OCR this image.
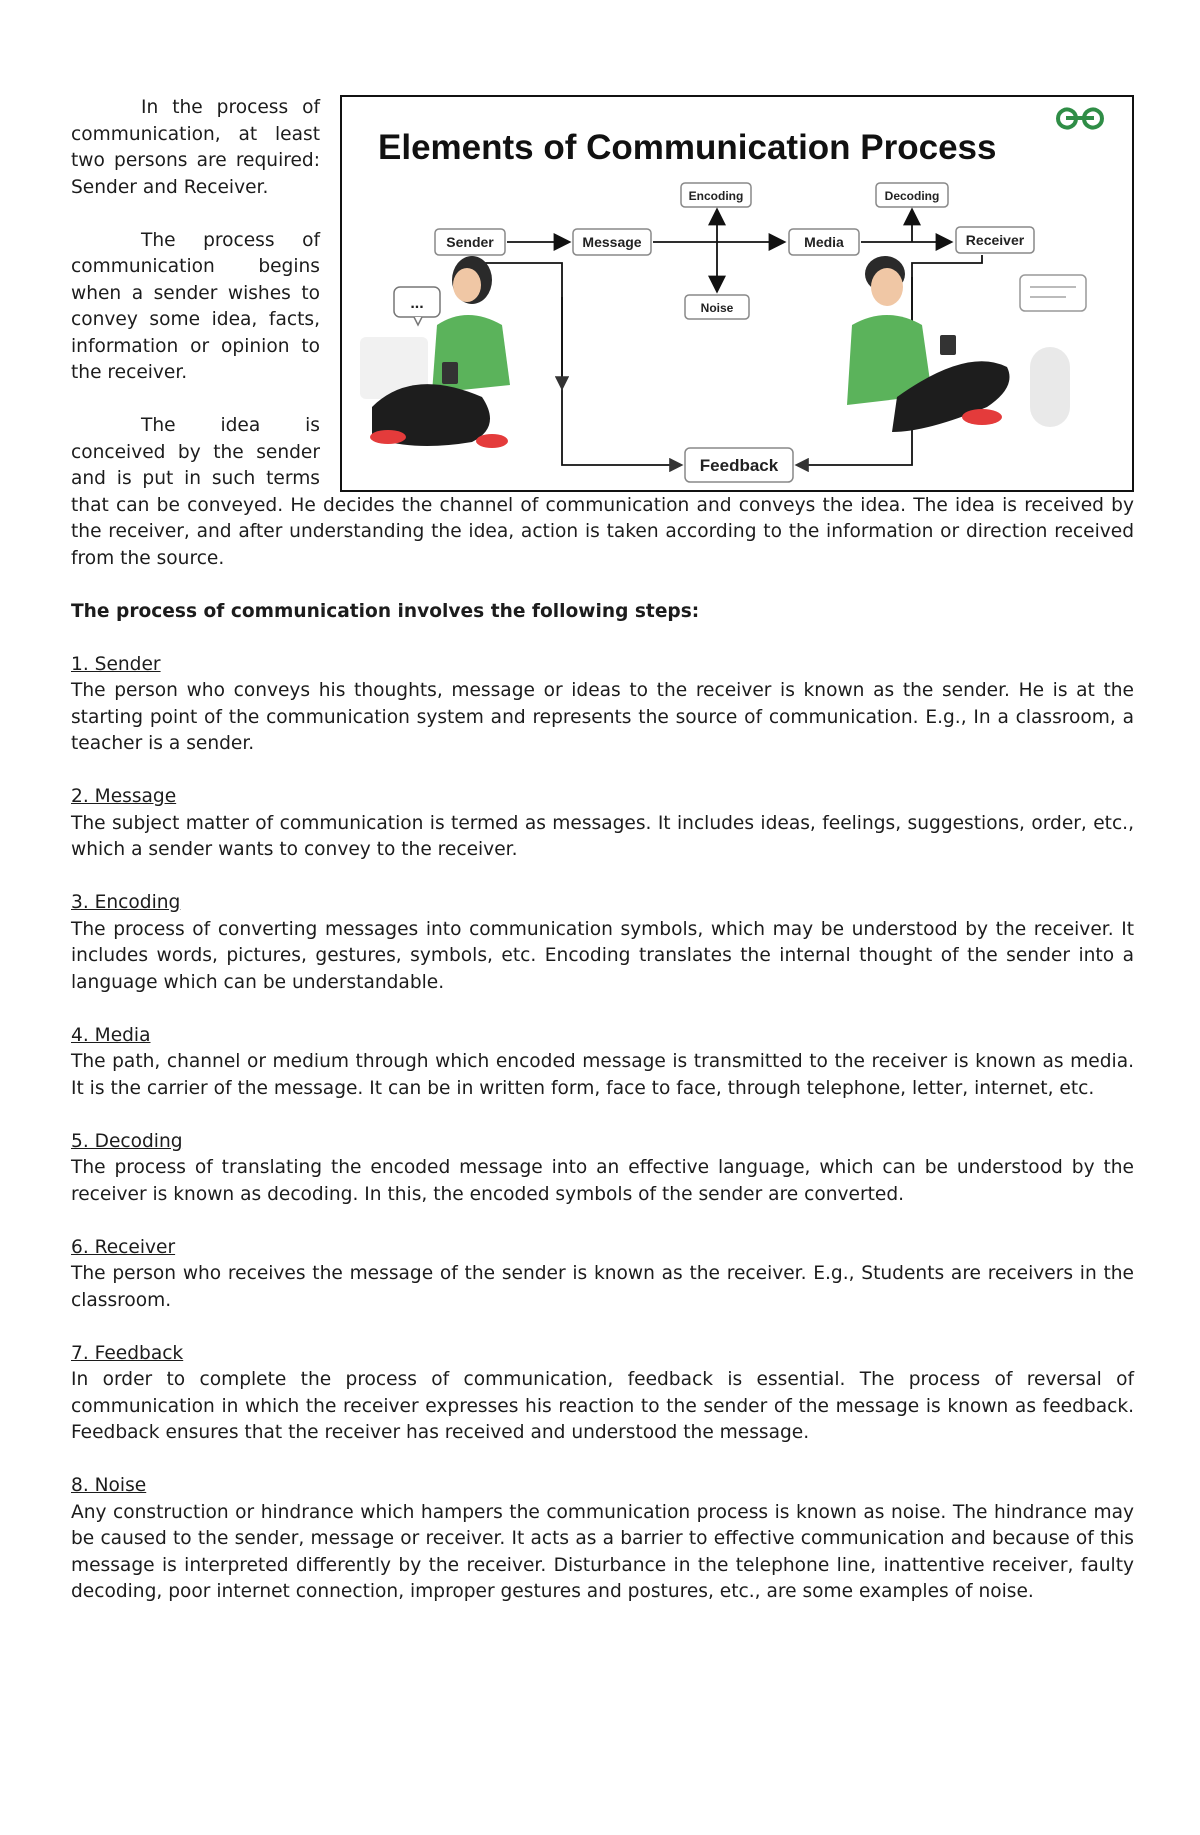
Elements of Communication Process
Sender	Message
Encoding
Noise
Media
Decoding
Receiver
Feedback
...

In the process of communication, at least two persons are required: Sender and Receiver.

The process of communication begins when a sender wishes to convey some idea, facts, information or opinion to the receiver.

The idea is conceived by the sender and is put in such terms that can be conveyed. He decides the channel of communication and conveys the idea. The idea is received by the receiver, and after understanding the idea, action is taken according to the information or direction received from the source.

The process of communication involves the following steps:

1. Sender

The person who conveys his thoughts, message or ideas to the receiver is known as the sender. He is at the starting point of the communication system and represents the source of communication. E.g., In a classroom, a teacher is a sender.

2. Message

The subject matter of communication is termed as messages. It includes ideas, feelings, suggestions, order, etc., which a sender wants to convey to the receiver.

3. Encoding

The process of converting messages into communication symbols, which may be understood by the receiver. It includes words, pictures, gestures, symbols, etc. Encoding translates the internal thought of the sender into a language which can be understandable.

4. Media

The path, channel or medium through which encoded message is transmitted to the receiver is known as media. It is the carrier of the message. It can be in written form, face to face, through telephone, letter, internet, etc.

5. Decoding

The process of translating the encoded message into an effective language, which can be understood by the receiver is known as decoding. In this, the encoded symbols of the sender are converted.

6. Receiver

The person who receives the message of the sender is known as the receiver. E.g., Students are receivers in the classroom.

7. Feedback

In order to complete the process of communication, feedback is essential. The process of reversal of communication in which the receiver expresses his reaction to the sender of the message is known as feedback. Feedback ensures that the receiver has received and understood the message.

8. Noise

Any construction or hindrance which hampers the communication process is known as noise. The hindrance may be caused to the sender, message or receiver. It acts as a barrier to effective communication and because of this message is interpreted differently by the receiver. Disturbance in the telephone line, inattentive receiver, faulty decoding, poor internet connection, improper gestures and postures, etc., are some examples of noise.
